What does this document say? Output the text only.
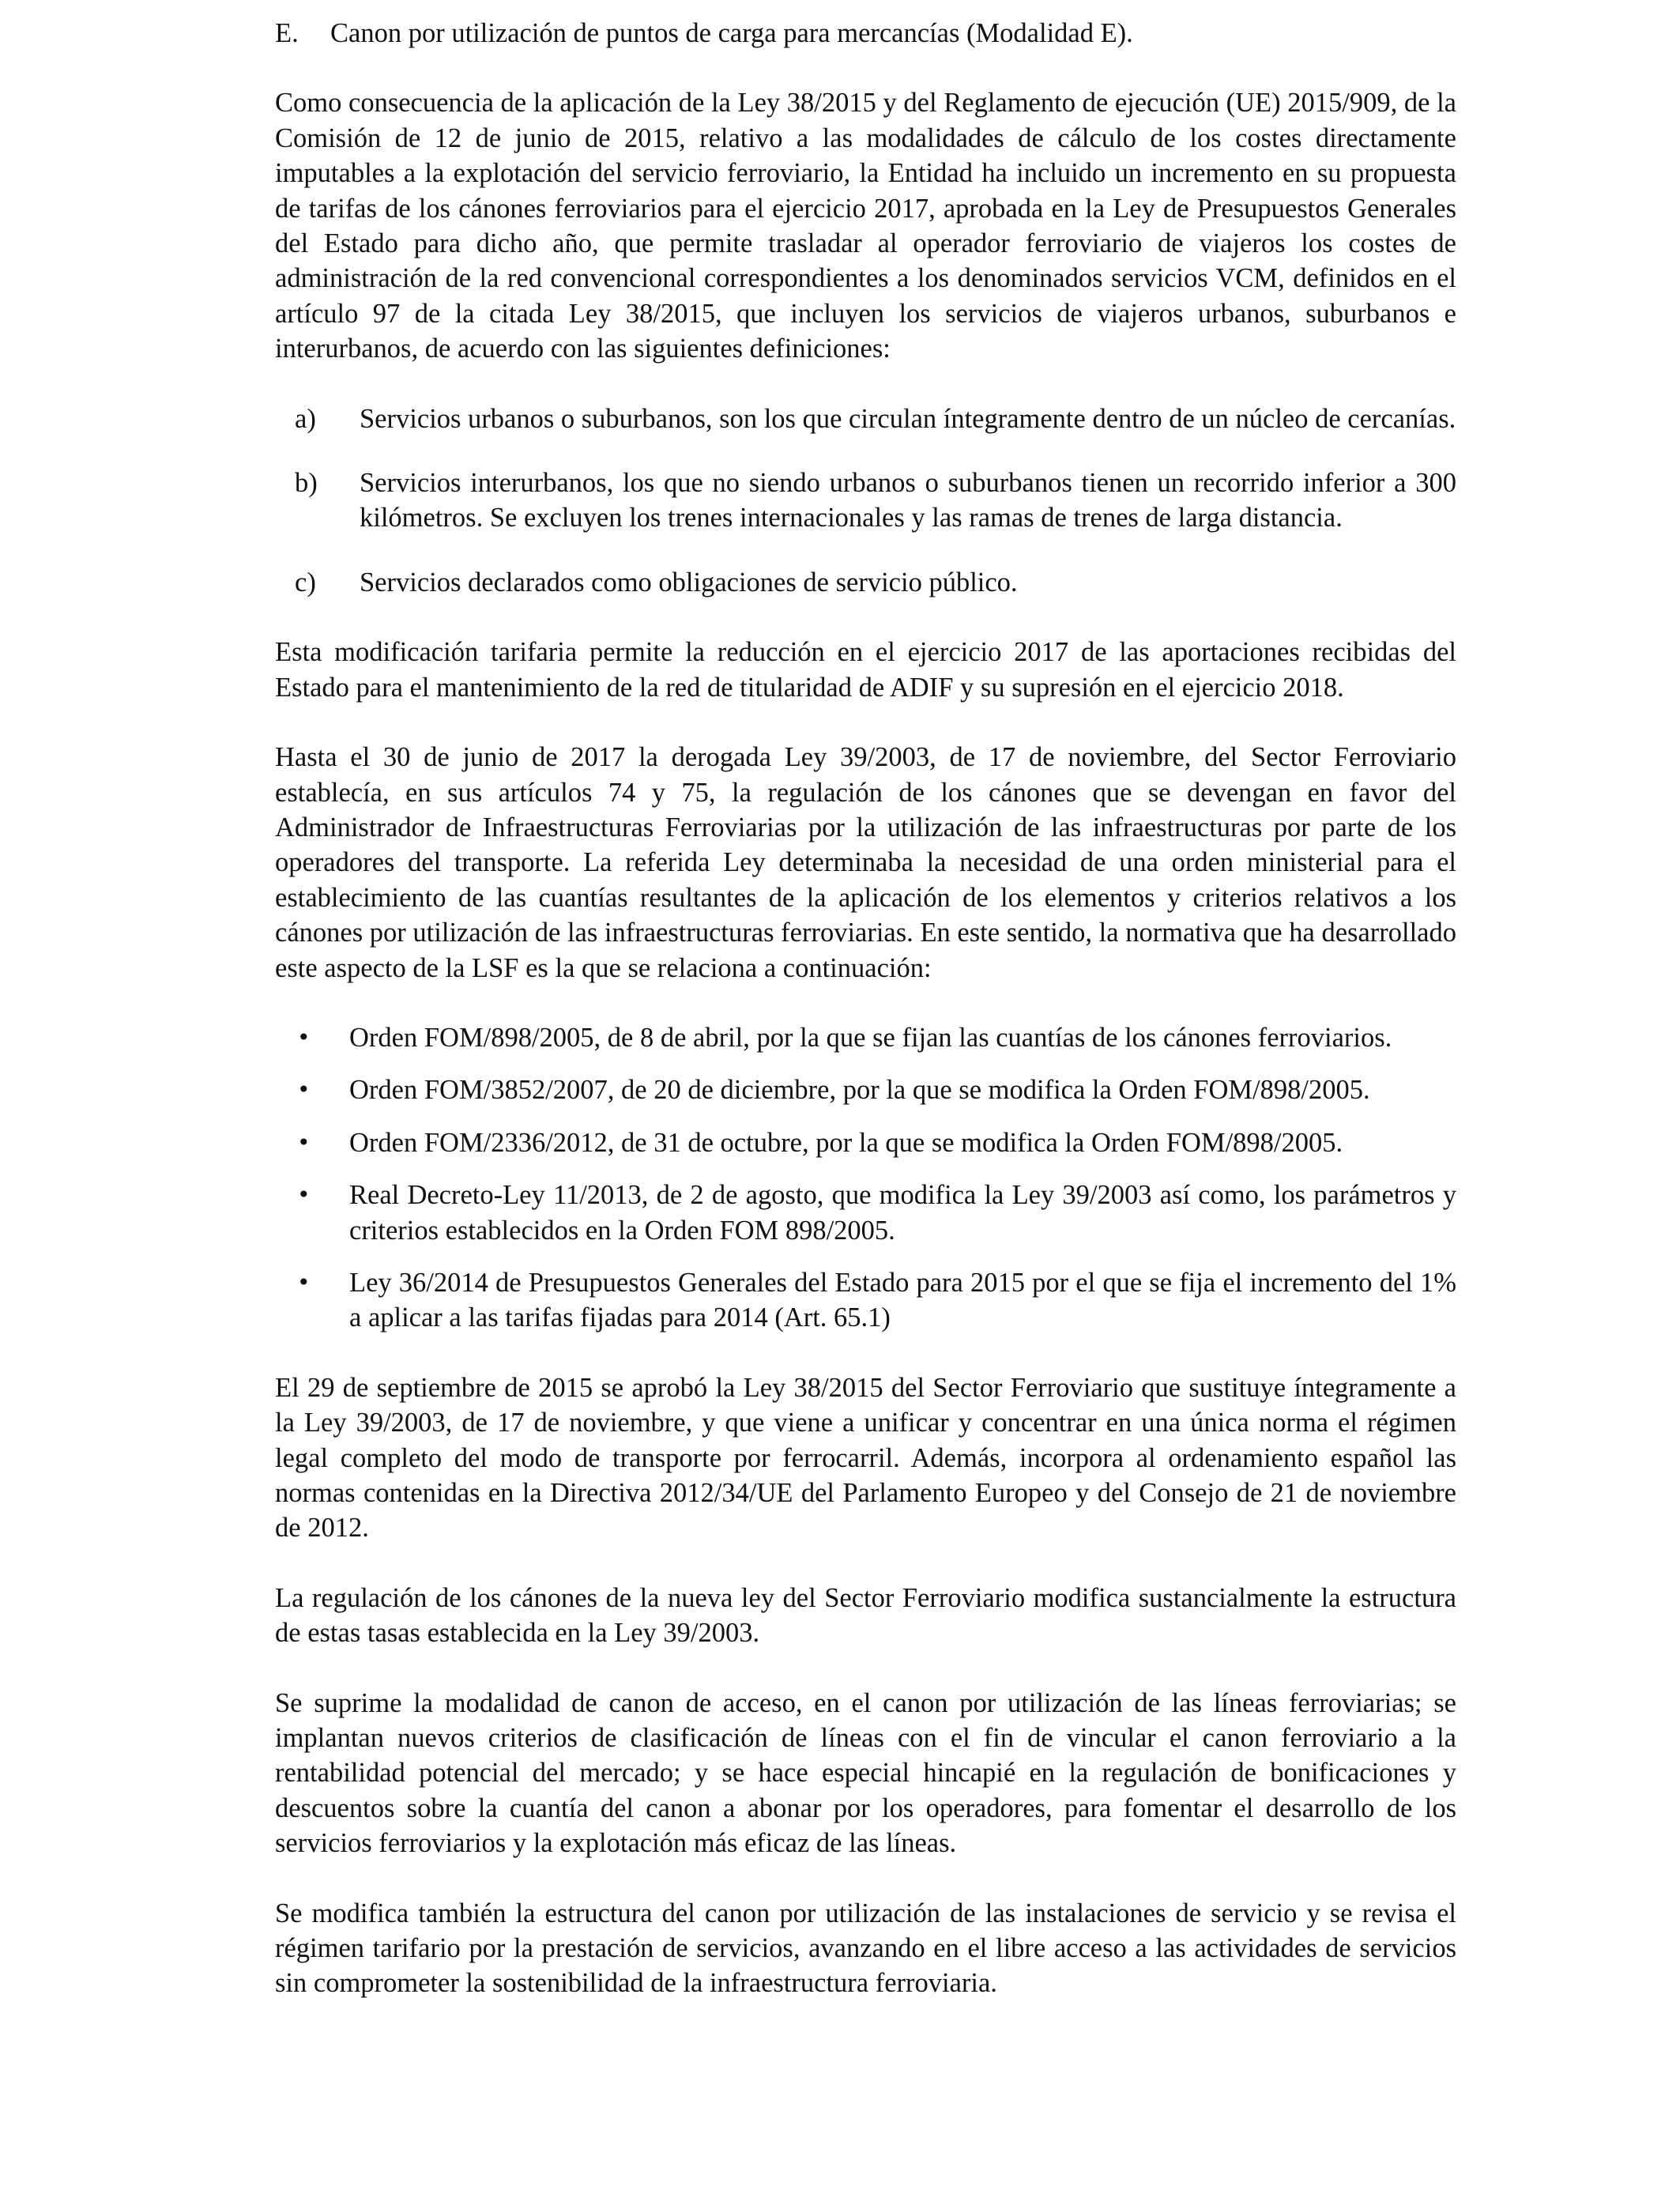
E.	Canon por utilización de puntos de carga para mercancías (Modalidad E).

Como consecuencia de la aplicación de la Ley 38/2015 y del Reglamento de ejecución (UE) 2015/909, de la Comisión de 12 de junio de 2015, relativo a las modalidades de cálculo de los costes directamente imputables a la explotación del servicio ferroviario, la Entidad ha incluido un incremento en su propuesta de tarifas de los cánones ferroviarios para el ejercicio 2017, aprobada en la Ley de Presupuestos Generales del Estado para dicho año, que permite trasladar al operador ferroviario de viajeros los costes de administración de la red convencional correspondientes a los denominados servicios VCM, definidos en el artículo 97 de la citada Ley 38/2015, que incluyen los servicios de viajeros urbanos, suburbanos e interurbanos, de acuerdo con las siguientes definiciones:

a)	Servicios urbanos o suburbanos, son los que circulan íntegramente dentro de un núcleo de cercanías.
b)	Servicios interurbanos, los que no siendo urbanos o suburbanos tienen un recorrido inferior a 300 kilómetros. Se excluyen los trenes internacionales y las ramas de trenes de larga distancia.
c)	Servicios declarados como obligaciones de servicio público.

Esta modificación tarifaria permite la reducción en el ejercicio 2017 de las aportaciones recibidas del Estado para el mantenimiento de la red de titularidad de ADIF y su supresión en el ejercicio 2018.

Hasta el 30 de junio de 2017 la derogada Ley 39/2003, de 17 de noviembre, del Sector Ferroviario establecía, en sus artículos 74 y 75, la regulación de los cánones que se devengan en favor del Administrador de Infraestructuras Ferroviarias por la utilización de las infraestructuras por parte de los operadores del transporte. La referida Ley determinaba la necesidad de una orden ministerial para el establecimiento de las cuantías resultantes de la aplicación de los elementos y criterios relativos a los cánones por utilización de las infraestructuras ferroviarias. En este sentido, la normativa que ha desarrollado este aspecto de la LSF es la que se relaciona a continuación:

•	Orden FOM/898/2005, de 8 de abril, por la que se fijan las cuantías de los cánones ferroviarios.
•	Orden FOM/3852/2007, de 20 de diciembre, por la que se modifica la Orden FOM/898/2005.
•	Orden FOM/2336/2012, de 31 de octubre, por la que se modifica la Orden FOM/898/2005.
•	Real Decreto-Ley 11/2013, de 2 de agosto, que modifica la Ley 39/2003 así como, los parámetros y criterios establecidos en la Orden FOM 898/2005.
•	Ley 36/2014 de Presupuestos Generales del Estado para 2015 por el que se fija el incremento del 1% a aplicar a las tarifas fijadas para 2014 (Art. 65.1)

El 29 de septiembre de 2015 se aprobó la Ley 38/2015 del Sector Ferroviario que sustituye íntegramente a la Ley 39/2003, de 17 de noviembre, y que viene a unificar y concentrar en una única norma el régimen legal completo del modo de transporte por ferrocarril. Además, incorpora al ordenamiento español las normas contenidas en la Directiva 2012/34/UE del Parlamento Europeo y del Consejo de 21 de noviembre de 2012.

La regulación de los cánones de la nueva ley del Sector Ferroviario modifica sustancialmente la estructura de estas tasas establecida en la Ley 39/2003.

Se suprime la modalidad de canon de acceso, en el canon por utilización de las líneas ferroviarias; se implantan nuevos criterios de clasificación de líneas con el fin de vincular el canon ferroviario a la rentabilidad potencial del mercado; y se hace especial hincapié en la regulación de bonificaciones y descuentos sobre la cuantía del canon a abonar por los operadores, para fomentar el desarrollo de los servicios ferroviarios y la explotación más eficaz de las líneas.

Se modifica también la estructura del canon por utilización de las instalaciones de servicio y se revisa el régimen tarifario por la prestación de servicios, avanzando en el libre acceso a las actividades de servicios sin comprometer la sostenibilidad de la infraestructura ferroviaria.
